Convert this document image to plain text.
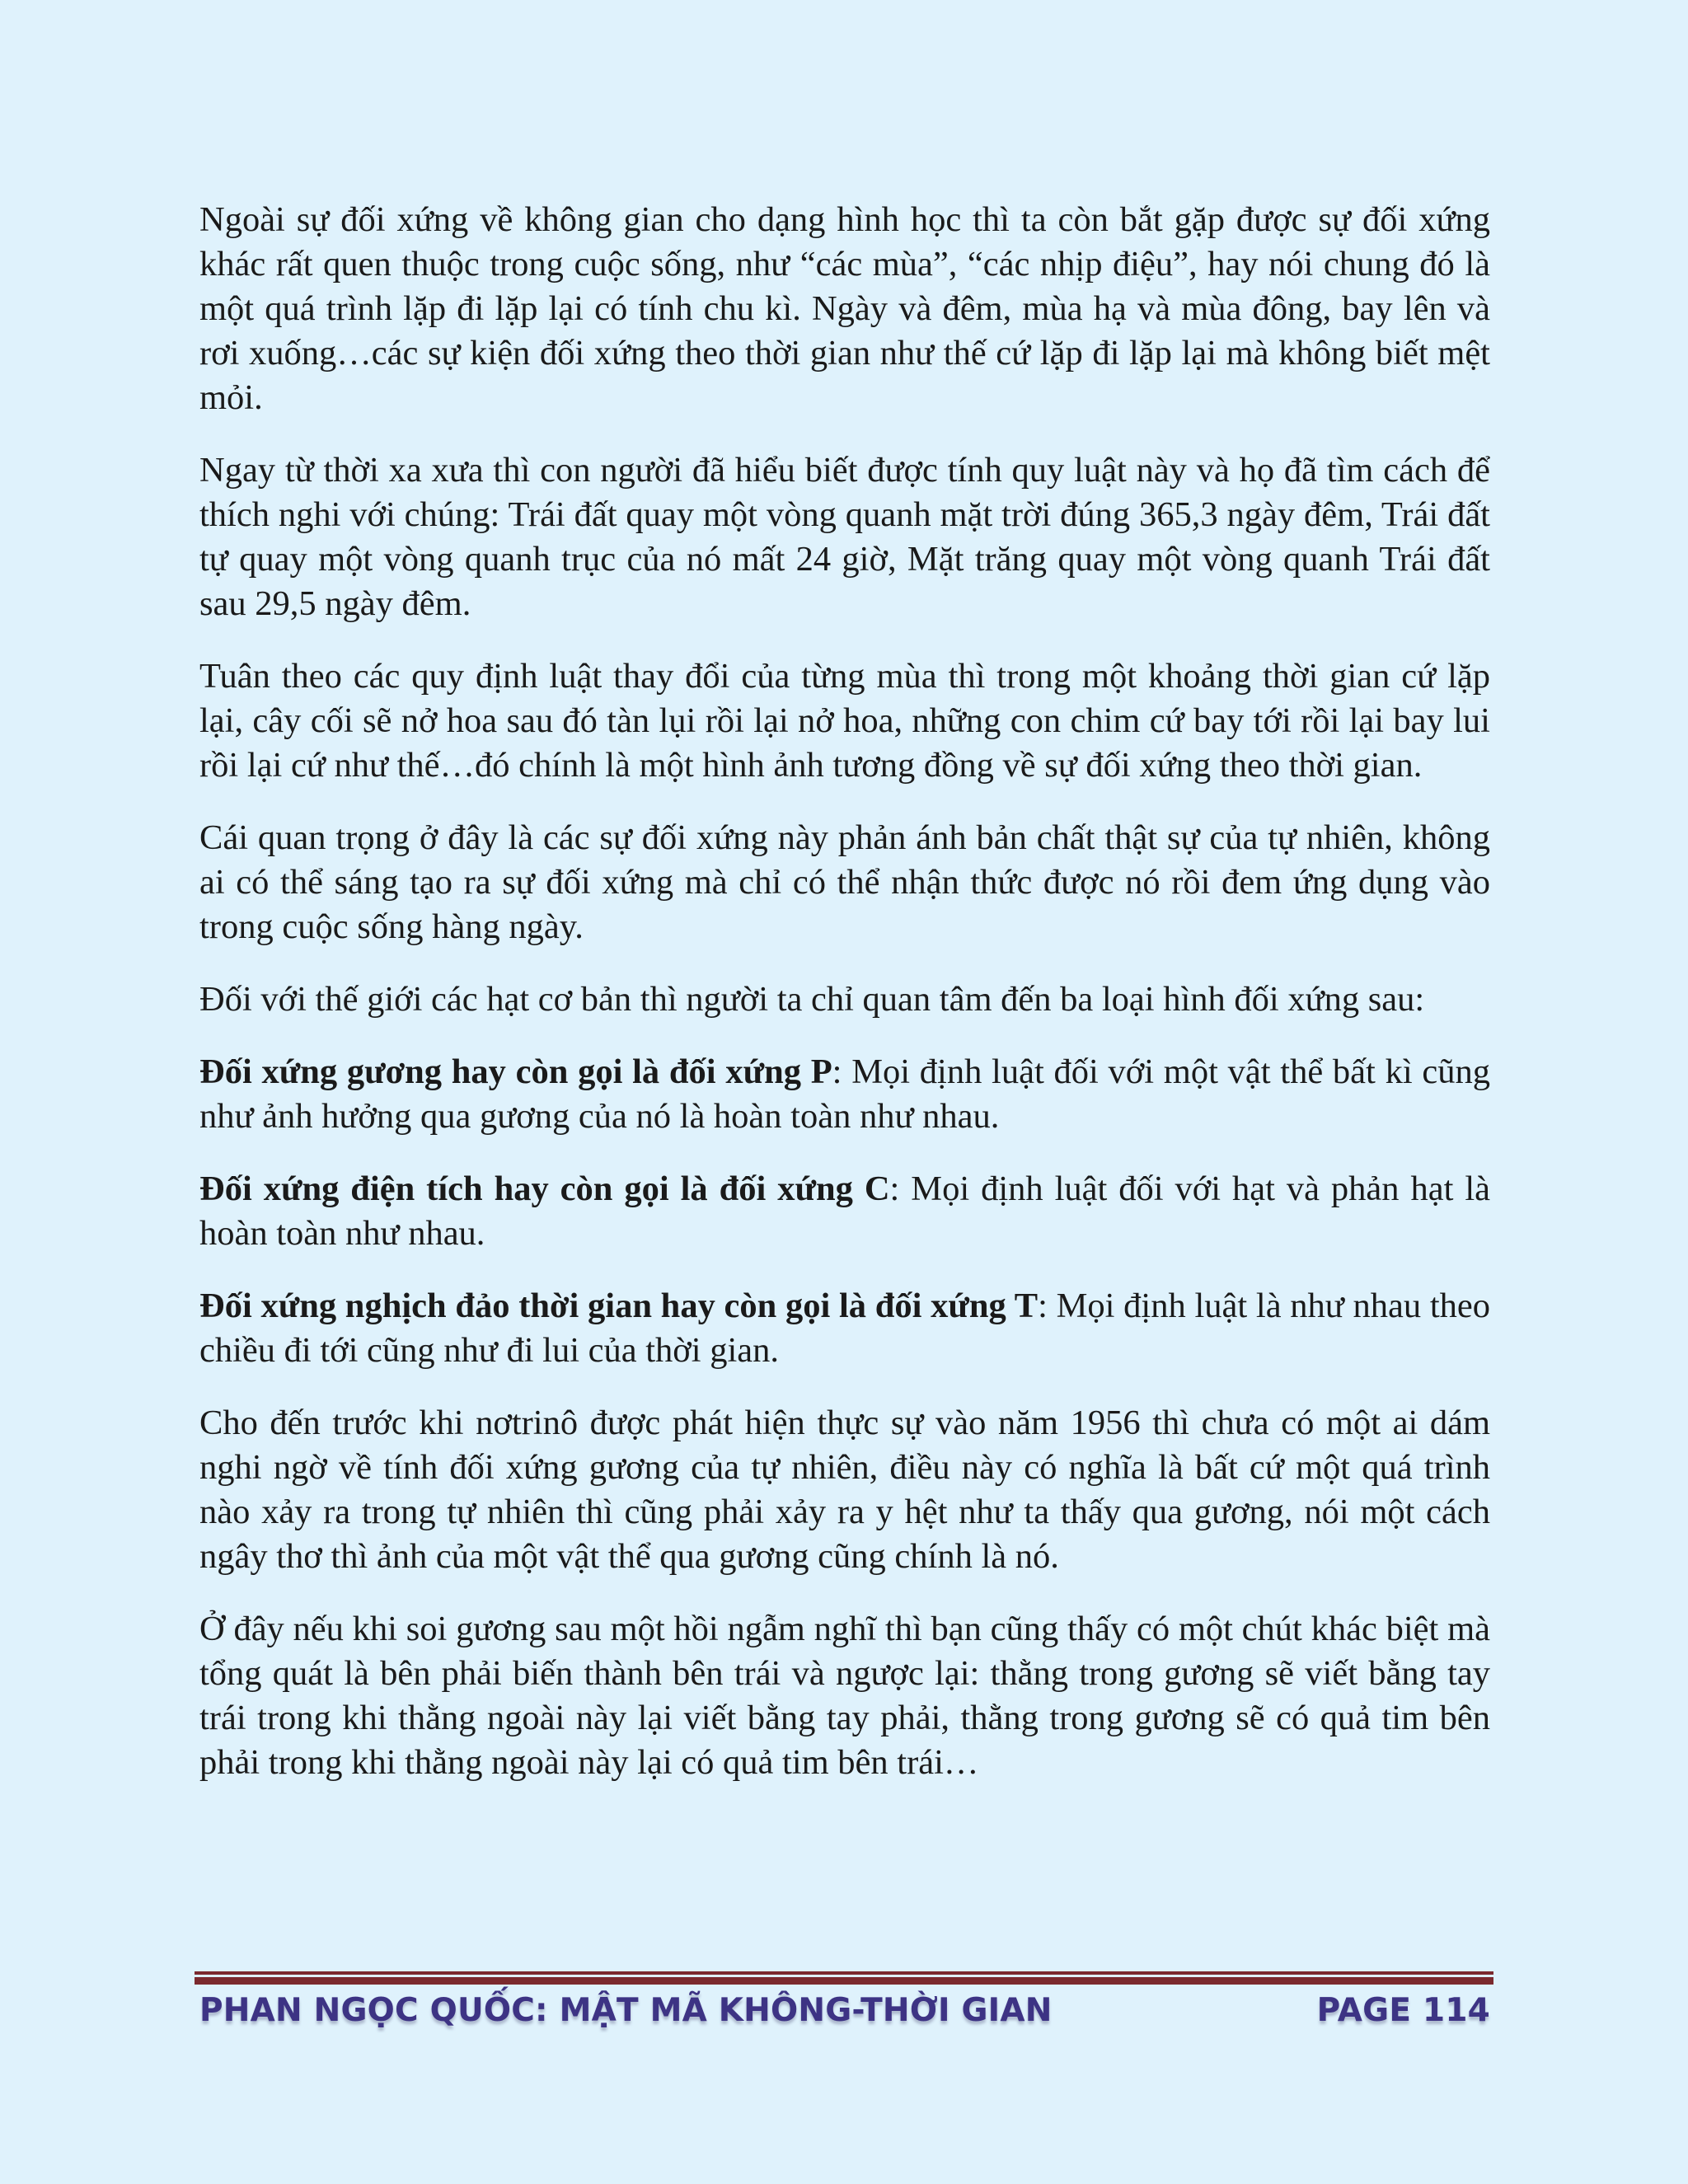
Ngoài sự đối xứng về không gian cho dạng hình học thì ta còn bắt gặp được sự đối xứng khác rất quen thuộc trong cuộc sống, như “các mùa”, “các nhịp điệu”, hay nói chung đó là một quá trình lặp đi lặp lại có tính chu kì. Ngày và đêm, mùa hạ và mùa đông, bay lên và rơi xuống…các sự kiện đối xứng theo thời gian như thế cứ lặp đi lặp lại mà không biết mệt mỏi.

Ngay từ thời xa xưa thì con người đã hiểu biết được tính quy luật này và họ đã tìm cách để thích nghi với chúng: Trái đất quay một vòng quanh mặt trời đúng 365,3 ngày đêm, Trái đất tự quay một vòng quanh trục của nó mất 24 giờ, Mặt trăng quay một vòng quanh Trái đất sau 29,5 ngày đêm.

Tuân theo các quy định luật thay đổi của từng mùa thì trong một khoảng thời gian cứ lặp lại, cây cối sẽ nở hoa sau đó tàn lụi rồi lại nở hoa, những con chim cứ bay tới rồi lại bay lui rồi lại cứ như thế…đó chính là một hình ảnh tương đồng về sự đối xứng theo thời gian.

Cái quan trọng ở đây là các sự đối xứng này phản ánh bản chất thật sự của tự nhiên, không ai có thể sáng tạo ra sự đối xứng mà chỉ có thể nhận thức được nó rồi đem ứng dụng vào trong cuộc sống hàng ngày.

Đối với thế giới các hạt cơ bản thì người ta chỉ quan tâm đến ba loại hình đối xứng sau:

Đối xứng gương hay còn gọi là đối xứng P: Mọi định luật đối với một vật thể bất kì cũng như ảnh hưởng qua gương của nó là hoàn toàn như nhau.

Đối xứng điện tích hay còn gọi là đối xứng C: Mọi định luật đối với hạt và phản hạt là hoàn toàn như nhau.

Đối xứng nghịch đảo thời gian hay còn gọi là đối xứng T: Mọi định luật là như nhau theo chiều đi tới cũng như đi lui của thời gian.

Cho đến trước khi nơtrinô được phát hiện thực sự vào năm 1956 thì chưa có một ai dám nghi ngờ về tính đối xứng gương của tự nhiên, điều này có nghĩa là bất cứ một quá trình nào xảy ra trong tự nhiên thì cũng phải xảy ra y hệt như ta thấy qua gương, nói một cách ngây thơ thì ảnh của một vật thể qua gương cũng chính là nó.

Ở đây nếu khi soi gương sau một hồi ngẫm nghĩ thì bạn cũng thấy có một chút khác biệt mà tổng quát là bên phải biến thành bên trái và ngược lại: thằng trong gương sẽ viết bằng tay trái trong khi thằng ngoài này lại viết bằng tay phải, thằng trong gương sẽ có quả tim bên phải trong khi thằng ngoài này lại có quả tim bên trái…

PHAN NGỌC QUỐC: MẬT MÃ KHÔNG-THỜI GIAN	PAGE 114
